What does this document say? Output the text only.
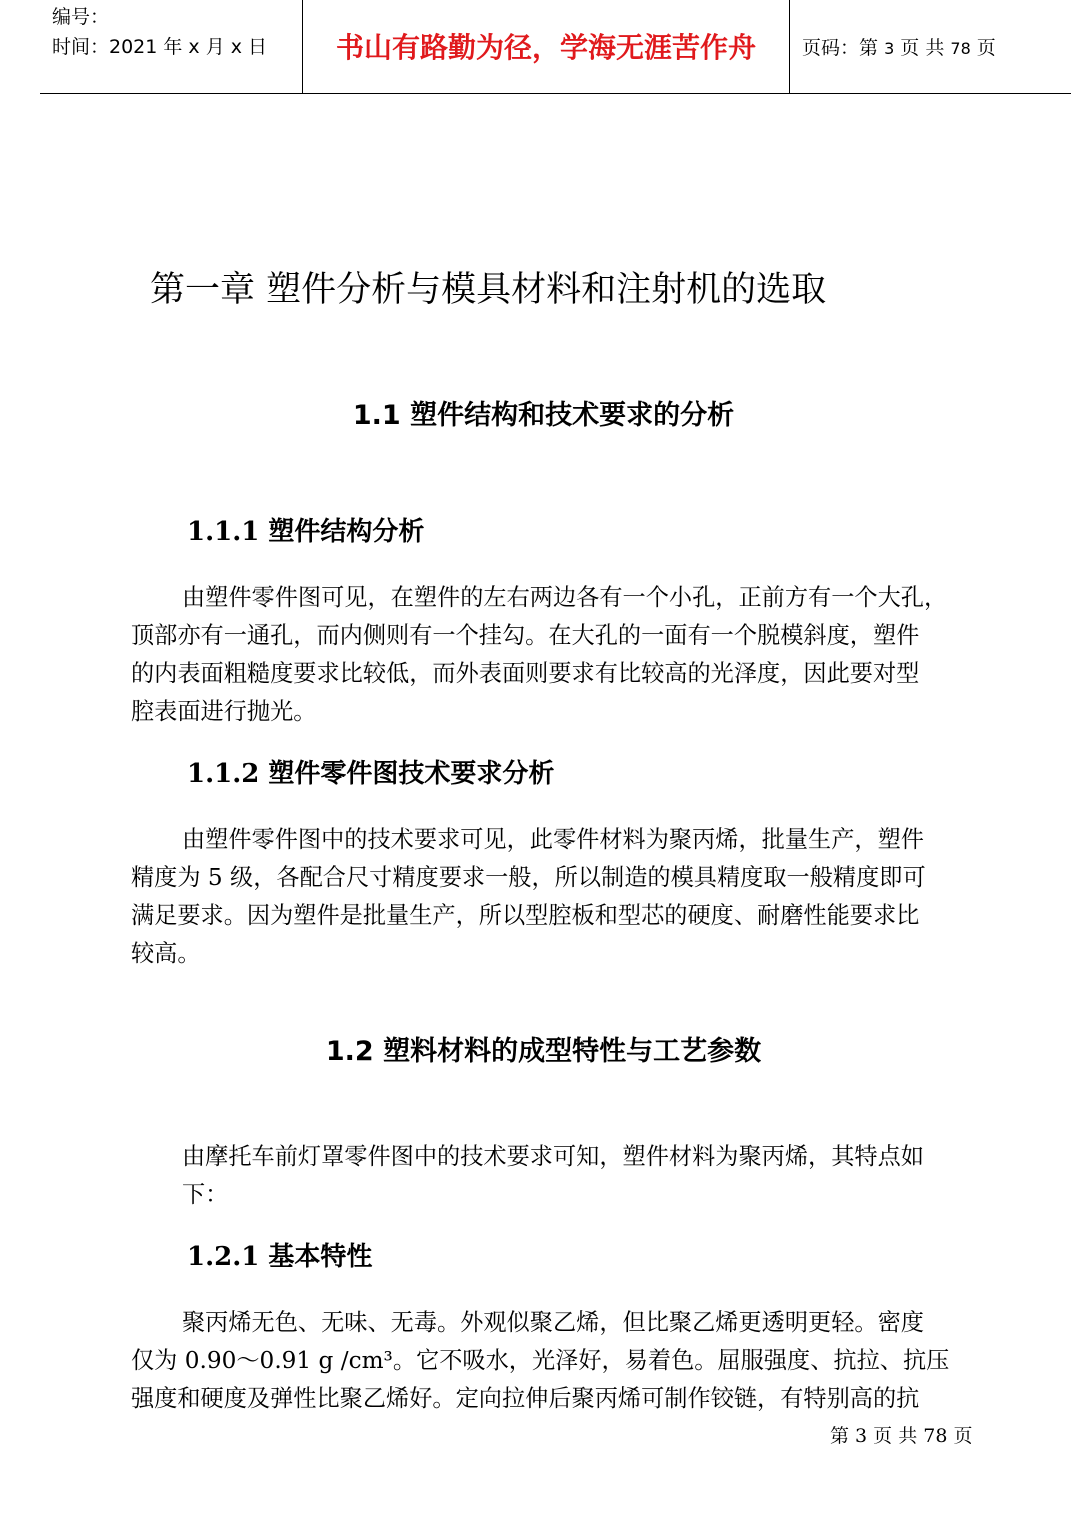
编号：
时间：2021 年 x 月 x 日	书山有路勤为径，学海无涯苦作舟	页码：第 3 页 共 78 页
第一章 塑件分析与模具材料和注射机的选取
1.1 塑件结构和技术要求的分析
1.1.1 塑件结构分析
由塑件零件图可见，在塑件的左右两边各有一个小孔，正前方有一个大孔，
顶部亦有一通孔，而内侧则有一个挂勾。在大孔的一面有一个脱模斜度，塑件
的内表面粗糙度要求比较低，而外表面则要求有比较高的光泽度，因此要对型
腔表面进行抛光。
1.1.2 塑件零件图技术要求分析
由塑件零件图中的技术要求可见，此零件材料为聚丙烯，批量生产，塑件
精度为 5 级，各配合尺寸精度要求一般，所以制造的模具精度取一般精度即可
满足要求。因为塑件是批量生产，所以型腔板和型芯的硬度、耐磨性能要求比
较高。
1.2 塑料材料的成型特性与工艺参数
由摩托车前灯罩零件图中的技术要求可知，塑件材料为聚丙烯，其特点如
下：
1.2.1 基本特性
聚丙烯无色、无味、无毒。外观似聚乙烯，但比聚乙烯更透明更轻。密度
仅为 0.90～0.91 g /cm³。它不吸水，光泽好，易着色。屈服强度、抗拉、抗压
强度和硬度及弹性比聚乙烯好。定向拉伸后聚丙烯可制作铰链，有特别高的抗
第 3 页 共 78 页
